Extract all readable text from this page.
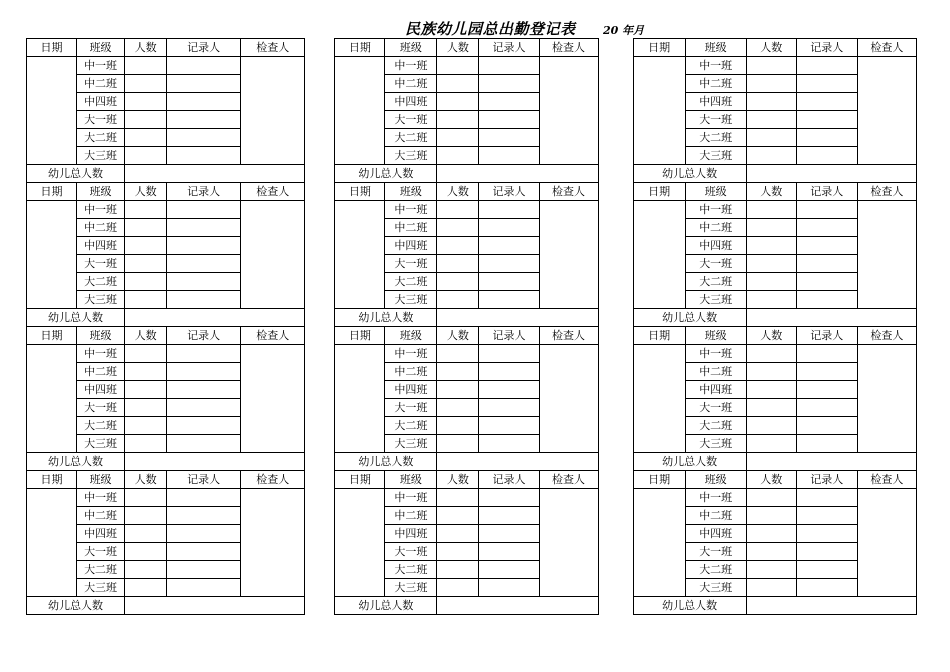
民族幼儿园总出勤登记表 20 年月
日期	班级	人数	记录人	检查人		日期	班级	人数	记录人	检查人		日期	班级	人数	记录人	检查人
	中一班						中一班						中一班			
	中二班						中二班						中二班			
	中四班						中四班						中四班			
	大一班						大一班						大一班			
	大二班						大二班						大二班			
	大三班						大三班						大三班			
幼儿总人数						幼儿总人数						幼儿总人数				
日期	班级	人数	记录人	检查人		日期	班级	人数	记录人	检查人		日期	班级	人数	记录人	检查人
	中一班						中一班						中一班			
	中二班						中二班						中二班			
	中四班						中四班						中四班			
	大一班						大一班						大一班			
	大二班						大二班						大二班			
	大三班						大三班						大三班			
幼儿总人数						幼儿总人数						幼儿总人数				
日期	班级	人数	记录人	检查人		日期	班级	人数	记录人	检查人		日期	班级	人数	记录人	检查人
	中一班						中一班						中一班			
	中二班						中二班						中二班			
	中四班						中四班						中四班			
	大一班						大一班						大一班			
	大二班						大二班						大二班			
	大三班						大三班						大三班			
幼儿总人数						幼儿总人数						幼儿总人数				
日期	班级	人数	记录人	检查人		日期	班级	人数	记录人	检查人		日期	班级	人数	记录人	检查人
	中一班						中一班						中一班			
	中二班						中二班						中二班			
	中四班						中四班						中四班			
	大一班						大一班						大一班			
	大二班						大二班						大二班			
	大三班						大三班						大三班			
幼儿总人数						幼儿总人数						幼儿总人数				
